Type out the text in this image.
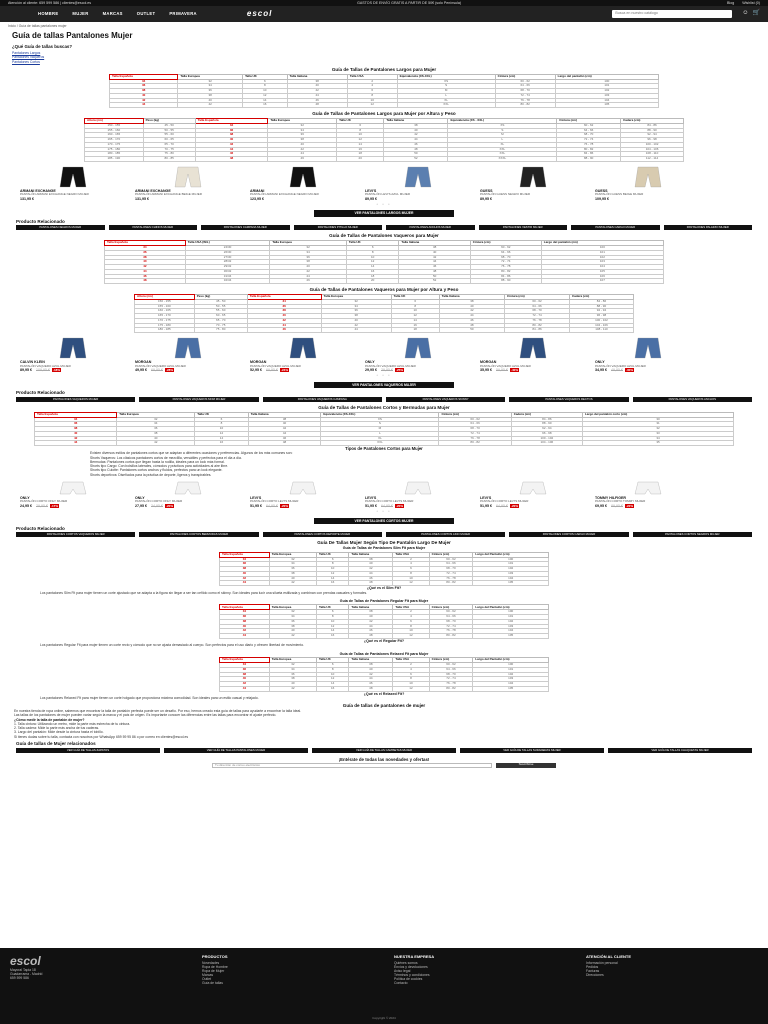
Atención al cliente: 659 599 586 | clientes@escol.es	GASTOS DE ENVÍO GRATIS A PARTIR DE 50€ (solo Península)	Blog Wishlist (0)
HOMBRE	MUJER	MARCAS	OUTLET	PRIMAVERA	escol	Busca en nuestro catálogo	☺ 🛒
Inicio / Guía de tallas pantalones mujer
Guía de tallas Pantalones Mujer
¿Qué Guía de tallas buscas?
Pantalones Largos
Pantalones Vaqueros
Pantalones Cortos
Guía de Tallas de Pantalones Largos para Mujer
Talla Española	Talla Europea	Talla UK	Talla Italiana	Talla USA	Equivalencia (XS-XXL)	Cintura (cm)	Largo del pantalón (cm)
34	32	6	38	2	XS	60 - 62	100
36	34	8	40	4	S	64 - 66	101
38	36	10	42	6	M	68 - 70	102
40	38	12	44	8	L	72 - 74	103
42	40	14	46	10	XL	76 - 78	104
44	42	16	48	12	XXL	80 - 82	105
Guía de Tallas de Pantalones Largos para Mujer por Altura y Peso
Altura (cm)	Peso (kg)	Talla Española	Talla Europea	Talla UK	Talla Italiana	Equivalencia (XS - XXL)	Cintura (cm)	Cadera (cm)
150 - 155	45 - 50	34	32	6	38	XS	60 - 62	84 - 86
155 - 160	50 - 55	36	34	8	40	S	64 - 66	88 - 90
160 - 165	55 - 60	38	36	10	42	M	68 - 70	92 - 94
165 - 170	60 - 65	40	38	12	44	L	72 - 74	96 - 98
170 - 175	65 - 70	42	40	14	46	XL	76 - 78	100 - 102
175 - 180	70 - 75	44	42	16	48	XXL	80 - 82	104 - 106
180 - 185	75 - 80	46	44	18	50	XXL	84 - 86	108 - 110
185 - 190	80 - 85	48	46	20	52	XXXL	88 - 90	112 - 114
ARMANI EXCHANGE
PANTALÓN ARMANI EXCHANGE NEGRO MUJER
131,95 €
ARMANI EXCHANGE
PANTALÓN ARMANI EXCHANGE BEIGE MUJER
131,95 €
ARMANI
PANTALÓN ARMANI EXCHANGE NEGRO MUJER
123,95 €
LEVI'S
PANTALÓN LEVI'S AZUL MUJER
89,95 €
GUESS
PANTALÓN GUESS NEGRO MUJER
89,95 €
GUESS
PANTALÓN GUESS BEIGE MUJER
109,95 €
• • •
VER PANTALONES LARGOS MUJER
Producto Relacionado
PANTALONES NEGROS MUJER	PANTALONES CHINOS MUJER	PANTALONES CAMPANA MUJER	PANTALONES PITILLO MUJER	PANTALONES ANCHOS MUJER	PANTALONES VESTIR MUJER	PANTALONES CARGO MUJER	PANTALONES PALAZZO MUJER
Guía de Tallas de Pantalones Vaqueros para Mujer
Talla Española	Talla USA (W/L)	Talla Europea	Talla UK	Talla Italiana	Cintura (cm)	Largo del pantalón (cm)
34	24/30	32	6	38	60 - 62	100
36	26/30	34	8	40	64 - 66	101
38	27/30	36	10	42	68 - 70	102
40	28/32	38	12	44	72 - 74	103
42	29/32	40	14	46	76 - 78	104
44	30/32	42	16	48	80 - 82	105
46	31/34	44	18	50	84 - 86	106
48	32/34	46	20	52	88 - 90	107
Guía de Tallas de Pantalones Vaqueros para Mujer por Altura y Peso
Altura (cm)	Peso (kg)	Talla Española	Talla Europea	Talla UK	Talla Italiana	Cintura (cm)	Cadera (cm)
150 - 155	45 - 50	34	32	6	38	60 - 62	84 - 86
155 - 160	50 - 55	36	34	8	40	64 - 66	88 - 90
160 - 165	55 - 60	38	36	10	42	68 - 70	92 - 94
165 - 170	60 - 65	40	38	12	44	72 - 74	96 - 98
170 - 175	65 - 70	42	40	14	46	76 - 78	100 - 102
175 - 180	70 - 75	44	42	16	48	80 - 82	104 - 106
180 - 185	75 - 80	46	44	18	50	84 - 86	108 - 110
CALVIN KLEIN
PANTALÓN VAQUERO AZUL MUJER
89,95 € 109,95 € -18%
MORGAN
PANTALÓN VAQUERO AZUL MUJER
49,95 € 69,95 € -28%
MORGAN
PANTALÓN VAQUERO AZUL MUJER
52,95 € 69,95 € -24%
ONLY
PANTALÓN VAQUERO AZUL MUJER
29,95 € 39,95 € -25%
MORGAN
PANTALÓN VAQUERO AZUL MUJER
35,95 € 59,95 € -40%
ONLY
PANTALÓN VAQUERO AZUL MUJER
34,95 € 49,95 € -30%
• • •
VER PANTALONES VAQUEROS MUJER
Producto Relacionado
PANTALONES VAQUEROS MUJER	PANTALONES VAQUEROS MOM MUJER	PANTALONES VAQUEROS CAMPANA	PANTALONES VAQUEROS SKINNY	PANTALONES VAQUEROS RECTOS	PANTALONES VAQUEROS ANCHOS
Guía de Tallas de Pantalones Cortos y Bermudas para Mujer
Talla Española	Talla Europea	Talla UK	Talla Italiana	Equivalencia (XS-XXL)	Cintura (cm)	Cadera (cm)	Largo del pantalón corto (cm)
34	32	6	38	XS	60 - 62	84 - 86	30
36	34	8	40	S	64 - 66	88 - 90	31
38	36	10	42	M	68 - 70	92 - 94	32
40	38	12	44	L	72 - 74	96 - 98	33
42	40	14	46	XL	76 - 78	100 - 102	34
44	42	16	48	XXL	80 - 82	104 - 106	35
Tipos de Pantalones Cortos para Mujer
Existen diversos estilos de pantalones cortos que se adaptan a diferentes ocasiones y preferencias. Algunos de los más comunes son:
Shorts Vaqueros: Los clásicos pantalones cortos de mezclilla, versátiles y perfectos para el día a día.
Bermudas: Pantalones cortos que llegan hasta la rodilla, ideales para un look más formal.
Shorts tipo Cargo: Con bolsillos laterales, cómodos y prácticos para actividades al aire libre.
Shorts tipo Culotte: Pantalones cortos anchos y fluidos, perfectos para un look elegante.
Shorts deportivos: Diseñados para la práctica de deporte, ligeros y transpirables.
ONLY
PANTALÓN CORTO ONLY MUJER
24,95 € 29,95 € -17%
ONLY
PANTALÓN CORTO ONLY MUJER
27,95 € 34,95 € -20%
LEVI'S
PANTALÓN CORTO LEVI'S MUJER
51,95 € 64,95 € -20%
LEVI'S
PANTALÓN CORTO LEVI'S MUJER
51,95 € 64,95 € -20%
LEVI'S
PANTALÓN CORTO LEVI'S MUJER
51,95 € 64,95 € -20%
TOMMY HILFIGER
PANTALÓN CORTO TOMMY MUJER
69,95 € 89,95 € -22%
• • •
VER PANTALONES CORTOS MUJER
Producto Relacionado
PANTALONES CORTOS VAQUEROS MUJER	PANTALONES CORTOS BERMUDAS MUJER	PANTALONES CORTOS DEPORTE MUJER	PANTALONES CORTOS LINO MUJER	PANTALONES CORTOS CARGO MUJER	PANTALONES CORTOS NEGROS MUJER
Guía De Tallas Mujer Según Tipo De Pantalón Largo De Mujer
Guía de Tallas de Pantalones Slim Fit para Mujer
Talla Española	Talla Europea	Talla UK	Talla Italiana	Talla USA	Cintura (cm)	Largo del Pantalón (cm)
34	32	6	38	2	60 - 62	100
36	34	8	40	4	64 - 66	101
38	36	10	42	6	68 - 70	102
40	38	12	44	8	72 - 74	103
42	40	14	46	10	76 - 78	104
44	42	16	48	12	80 - 82	105
¿Qué es el Slim Fit?
Los pantalones Slim Fit para mujer tienen un corte ajustado que se adapta a la figura sin llegar a ser tan ceñido como el skinny. Son ideales para lucir una silueta estilizada y combinan con prendas casuales y formales.
Guía de Tallas de Pantalones Regular Fit para Mujer
Talla Española	Talla Europea	Talla UK	Talla Italiana	Talla USA	Cintura (cm)	Largo del Pantalón (cm)
34	32	6	38	2	60 - 62	100
36	34	8	40	4	64 - 66	101
38	36	10	42	6	68 - 70	102
40	38	12	44	8	72 - 74	103
42	40	14	46	10	76 - 78	104
44	42	16	48	12	80 - 82	105
¿Qué es el Regular Fit?
Los pantalones Regular Fit para mujer tienen un corte recto y cómodo que no se ajusta demasiado al cuerpo. Son perfectos para el uso diario y ofrecen libertad de movimiento.
Guía de Tallas de Pantalones Relaxed Fit para Mujer
Talla Española	Talla Europea	Talla UK	Talla Italiana	Talla USA	Cintura (cm)	Largo del Pantalón (cm)
34	32	6	38	2	60 - 62	100
36	34	8	40	4	64 - 66	101
38	36	10	42	6	68 - 70	102
40	38	12	44	8	72 - 74	103
42	40	14	46	10	76 - 78	104
44	42	16	48	12	80 - 82	105
¿Qué es el Relaxed Fit?
Los pantalones Relaxed Fit para mujer tienen un corte holgado que proporciona máxima comodidad. Son ideales para un estilo casual y relajado.
Guía de tallas de pantalones de mujer
En nuestra tienda de ropa online, sabemos que encontrar la talla de pantalón perfecta puede ser un desafío. Por eso, hemos creado esta guía de tallas para ayudarte a encontrar la talla ideal.
Las tallas de los pantalones de mujer pueden variar según la marca y el país de origen. Es importante conocer las diferencias entre las tallas para encontrar el ajuste perfecto.
¿Cómo medir la talla de pantalón de mujer?
1. Talla cintura: Utilizando un metro, mide la parte más estrecha de tu cintura.
2. Talla cadera: Mide la parte más ancha de tus caderas.
3. Largo del pantalón: Mide desde la cintura hasta el tobillo.
Si tienes dudas sobre tu talla, contacta con nosotros por WhatsApp 659 59 95 86 o por correo en clientes@escol.es
Guía de tallas de Mujer relacionados
VER GUÍA DE TALLAS ZAPATOS	VER GUÍA DE TALLAS PANTALONES MUJER	VER GUÍA DE TALLAS CAMISETAS MUJER	VER GUÍA DE TALLAS SUDADERAS MUJER	VER GUÍA DE TALLAS CHAQUETAS MUJER
¡Entérate de todas las novedades y ofertas!
Tu dirección de correo electrónico	Suscribirse
escol
Mayoral Tapia 18
Guadarrama - Madrid
659 599 586
PRODUCTOS
Novedades
Ropa de Hombre
Ropa de Mujer
Marcas
Outlet
Guía de tallas
NUESTRA EMPRESA
Quiénes somos
Envíos y devoluciones
Aviso legal
Términos y condiciones
Política de cookies
Contacto
ATENCIÓN AL CLIENTE
Información personal
Pedidos
Facturas
Direcciones
Copyright © 2024
